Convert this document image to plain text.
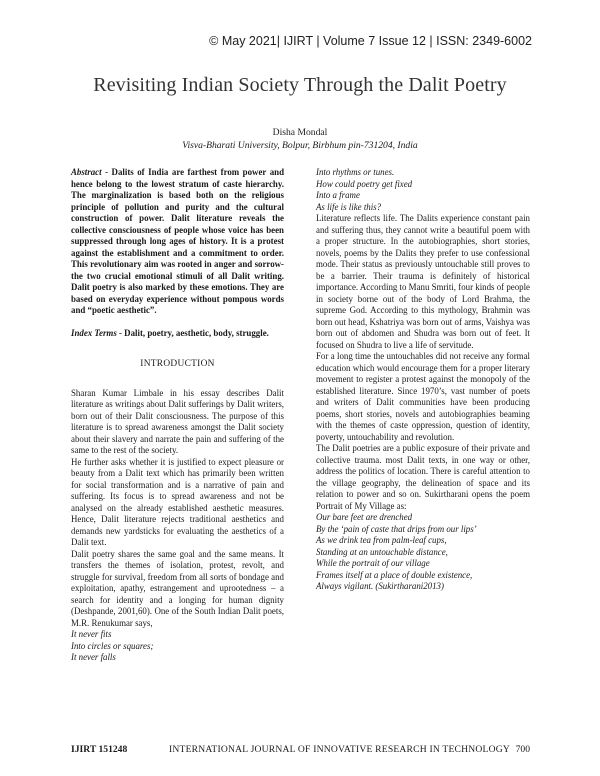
© May 2021| IJIRT | Volume 7 Issue 12 | ISSN: 2349-6002
Revisiting Indian Society Through the Dalit Poetry
Disha Mondal
Visva-Bharati University, Bolpur, Birbhum pin-731204, India

Abstract - Dalits of India are farthest from power and hence belong to the lowest stratum of caste hierarchy. The marginalization is based both on the religious principle of pollution and purity and the cultural construction of power. Dalit literature reveals the collective consciousness of people whose voice has been suppressed through long ages of history. It is a protest against the establishment and a commitment to order. This revolutionary aim was rooted in anger and sorrow- the two crucial emotional stimuli of all Dalit writing. Dalit poetry is also marked by these emotions. They are based on everyday experience without pompous words and “poetic aesthetic”.

Index Terms - Dalit, poetry, aesthetic, body, struggle.

INTRODUCTION

Sharan Kumar Limbale in his essay describes Dalit literature as writings about Dalit sufferings by Dalit writers, born out of their Dalit consciousness. The purpose of this literature is to spread awareness amongst the Dalit society about their slavery and narrate the pain and suffering of the same to the rest of the society.

He further asks whether it is justified to expect pleasure or beauty from a Dalit text which has primarily been written for social transformation and is a narrative of pain and suffering. Its focus is to spread awareness and not be analysed on the already established aesthetic measures. Hence, Dalit literature rejects traditional aesthetics and demands new yardsticks for evaluating the aesthetics of a Dalit text.

Dalit poetry shares the same goal and the same means. It transfers the themes of isolation, protest, revolt, and struggle for survival, freedom from all sorts of bondage and exploitation, apathy, estrangement and uprootedness – a search for identity and a longing for human dignity (Deshpande, 2001,60). One of the South Indian Dalit poets, M.R. Renukumar says,

It never fits

Into circles or squares;

It never falls

Into rhythms or tunes.

How could poetry get fixed

Into a frame

As life is like this?

Literature reflects life. The Dalits experience constant pain and suffering thus, they cannot write a beautiful poem with a proper structure. In the autobiographies, short stories, novels, poems by the Dalits they prefer to use confessional mode. Their status as previously untouchable still proves to be a barrier. Their trauma is definitely of historical importance. According to Manu Smriti, four kinds of people in society borne out of the body of Lord Brahma, the supreme God. According to this mythology, Brahmin was born out head, Kshatriya was born out of arms, Vaishya was born out of abdomen and Shudra was born out of feet. It focused on Shudra to live a life of servitude.

For a long time the untouchables did not receive any formal education which would encourage them for a proper literary movement to register a protest against the monopoly of the established literature. Since 1970’s, vast number of poets and writers of Dalit communities have been producing poems, short stories, novels and autobiographies beaming with the themes of caste oppression, question of identity, poverty, untouchability and revolution.

The Dalit poetries are a public exposure of their private and collective trauma. most Dalit texts, in one way or other, address the politics of location. There is careful attention to the village geography, the delineation of space and its relation to power and so on. Sukirtharani opens the poem Portrait of My Village as:

Our bare feet are drenched

By the ‘pain of caste that drips from our lips’

As we drink tea from palm-leaf cups,

Standing at an untouchable distance,

While the portrait of our village

Frames itself at a place of double existence,

Always vigilant. (Sukirtharani2013)

IJIRT 151248	INTERNATIONAL JOURNAL OF INNOVATIVE RESEARCH IN TECHNOLOGY 700
